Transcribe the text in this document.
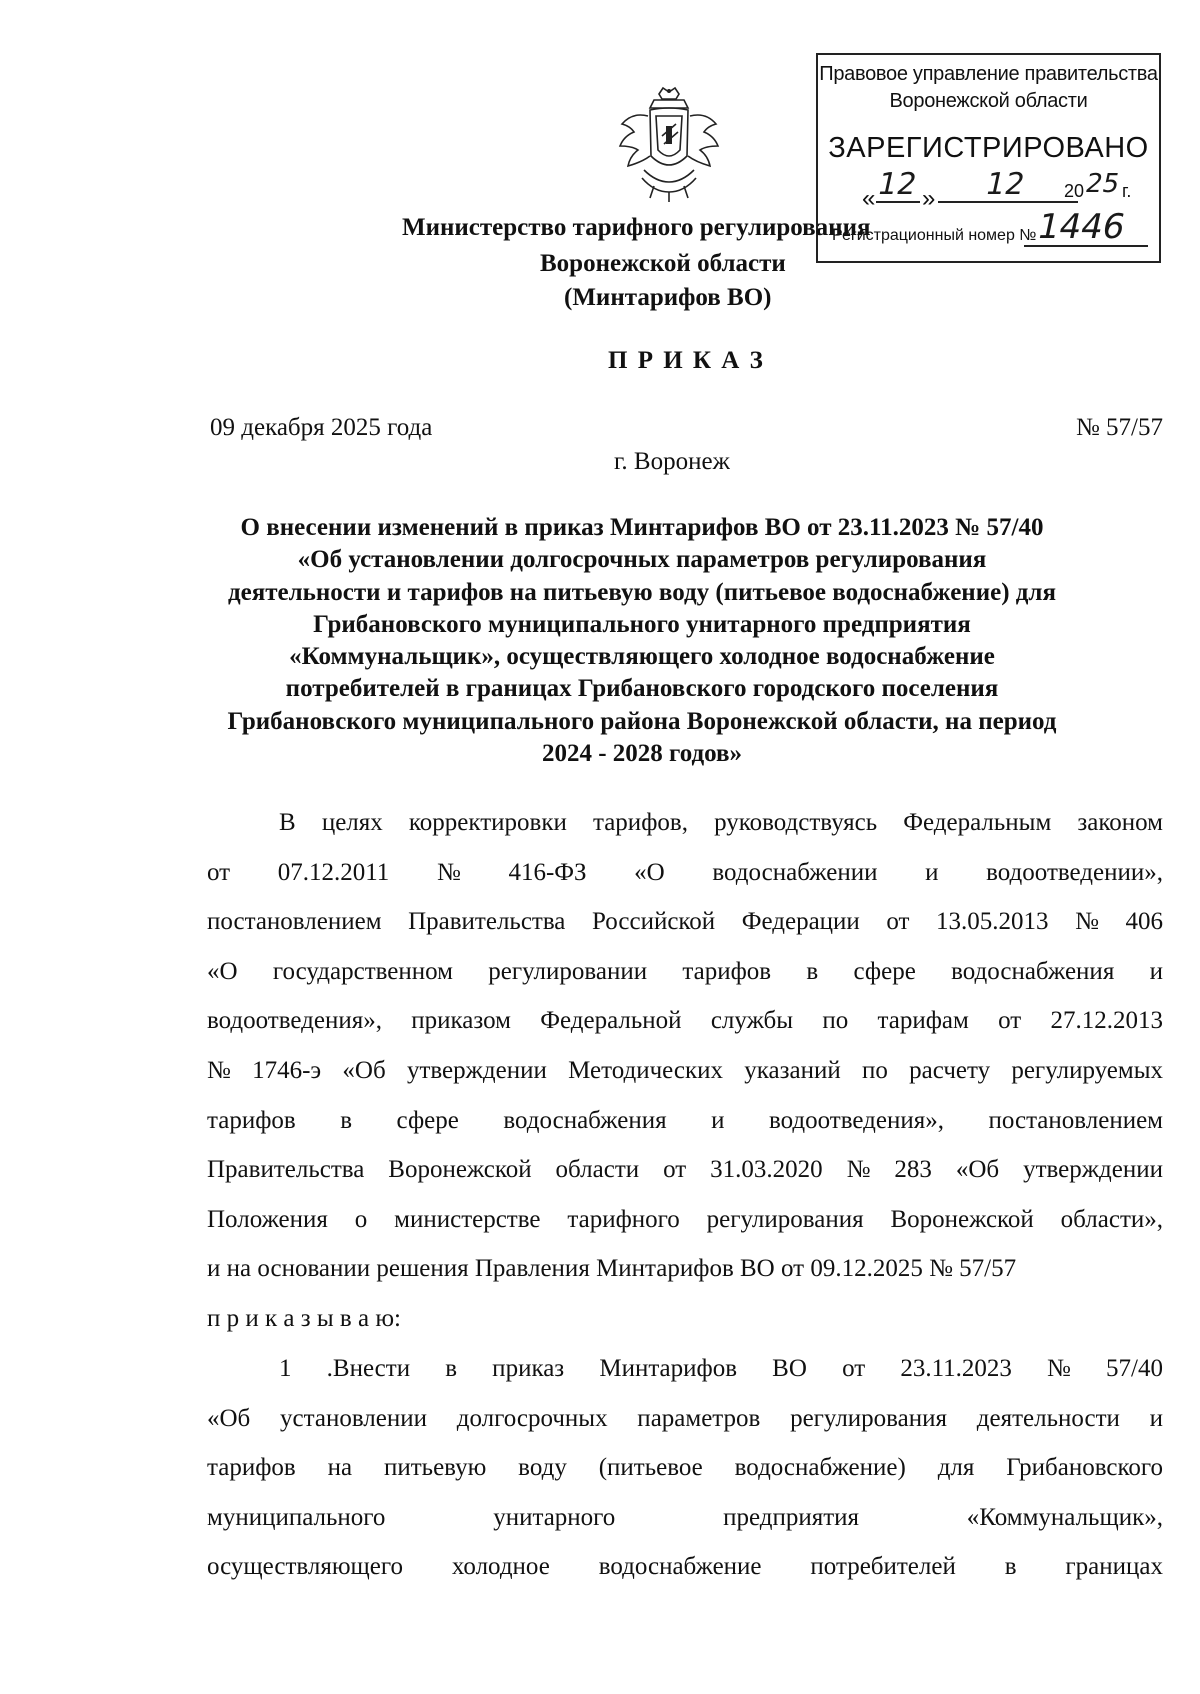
Правовое управление правительства
Воронежской области
ЗАРЕГИСТРИРОВАНО
«
12 » 12 20
25 г.
Регистрационный номер №
1446
Министерство тарифного регулирования
Воронежской области
(Минтарифов ВО)
П Р И К А З
09 декабря 2025 года	№ 57/57
г. Воронеж
О внесении изменений в приказ Минтарифов ВО от 23.11.2023 № 57/40
«Об установлении долгосрочных параметров регулирования
деятельности и тарифов на питьевую воду (питьевое водоснабжение) для
Грибановского муниципального унитарного предприятия
«Коммунальщик», осуществляющего холодное водоснабжение
потребителей в границах Грибановского городского поселения
Грибановского муниципального района Воронежской области, на период
2024 - 2028 годов»
В целях корректировки тарифов, руководствуясь Федеральным законом
от 07.12.2011 № 416-ФЗ «О водоснабжении и водоотведении»,
постановлением Правительства Российской Федерации от 13.05.2013 № 406
«О государственном регулировании тарифов в сфере водоснабжения и
водоотведения», приказом Федеральной службы по тарифам от 27.12.2013
№ 1746-э «Об утверждении Методических указаний по расчету регулируемых
тарифов в сфере водоснабжения и водоотведения», постановлением
Правительства Воронежской области от 31.03.2020 № 283 «Об утверждении
Положения о министерстве тарифного регулирования Воронежской области»,
и на основании решения Правления Минтарифов ВО от 09.12.2025 № 57/57
п р и к а з ы в а ю:
1 .Внести в приказ Минтарифов ВО от 23.11.2023 № 57/40
«Об установлении долгосрочных параметров регулирования деятельности и
тарифов на питьевую воду (питьевое водоснабжение) для Грибановского
муниципального унитарного предприятия «Коммунальщик»,
осуществляющего холодное водоснабжение потребителей в границах
